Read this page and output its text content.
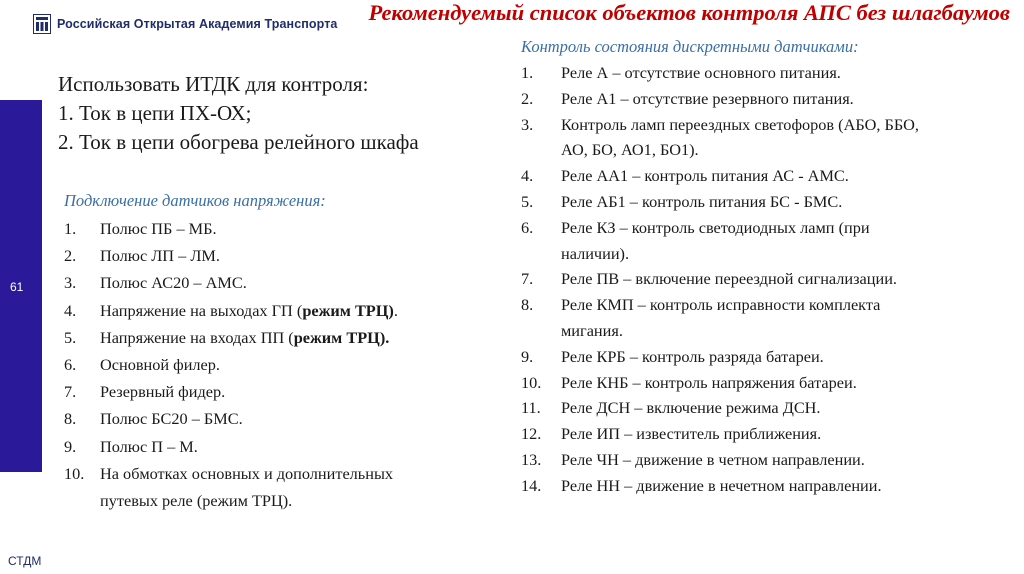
Российская Открытая Академия Транспорта Рекомендуемый список объектов контроля АПС без шлагбаумов
61
СТДМ
Использовать ИТДК для контроля:
1. Ток в цепи ПХ-ОХ;
2. Ток в цепи обогрева релейного шкафа
Подключение датчиков напряжения:
1.	Полюс ПБ – МБ.
2.	Полюс ЛП – ЛМ.
3.	Полюс АС20 – АМС.
4.	Напряжение на выходах ГП (режим ТРЦ).
5.	Напряжение на входах ПП (режим ТРЦ).
6.	Основной филер.
7.	Резервный фидер.
8.	Полюс БС20 – БМС.
9.	Полюс П – М.
10. На обмотках основных и дополнительных
путевых реле (режим ТРЦ).
Контроль состояния дискретными датчиками:
1.	Реле А – отсутствие основного питания.
2.	Реле А1 – отсутствие резервного питания.
3.	Контроль ламп переездных светофоров (АБО, ББО,
АО, БО, АО1, БО1).
4.	Реле АА1 – контроль питания АС - АМС.
5.	Реле АБ1 – контроль питания БС - БМС.
6.	Реле КЗ – контроль светодиодных ламп (при
наличии).
7.	Реле ПВ – включение переездной сигнализации.
8.	Реле КМП – контроль исправности комплекта
мигания.
9.	Реле КРБ – контроль разряда батареи.
10.	Реле КНБ – контроль напряжения батареи.
11.	Реле ДСН – включение режима ДСН.
12.	Реле ИП – известитель приближения.
13.	Реле ЧН – движение в четном направлении.
14.	Реле НН – движение в нечетном направлении.
